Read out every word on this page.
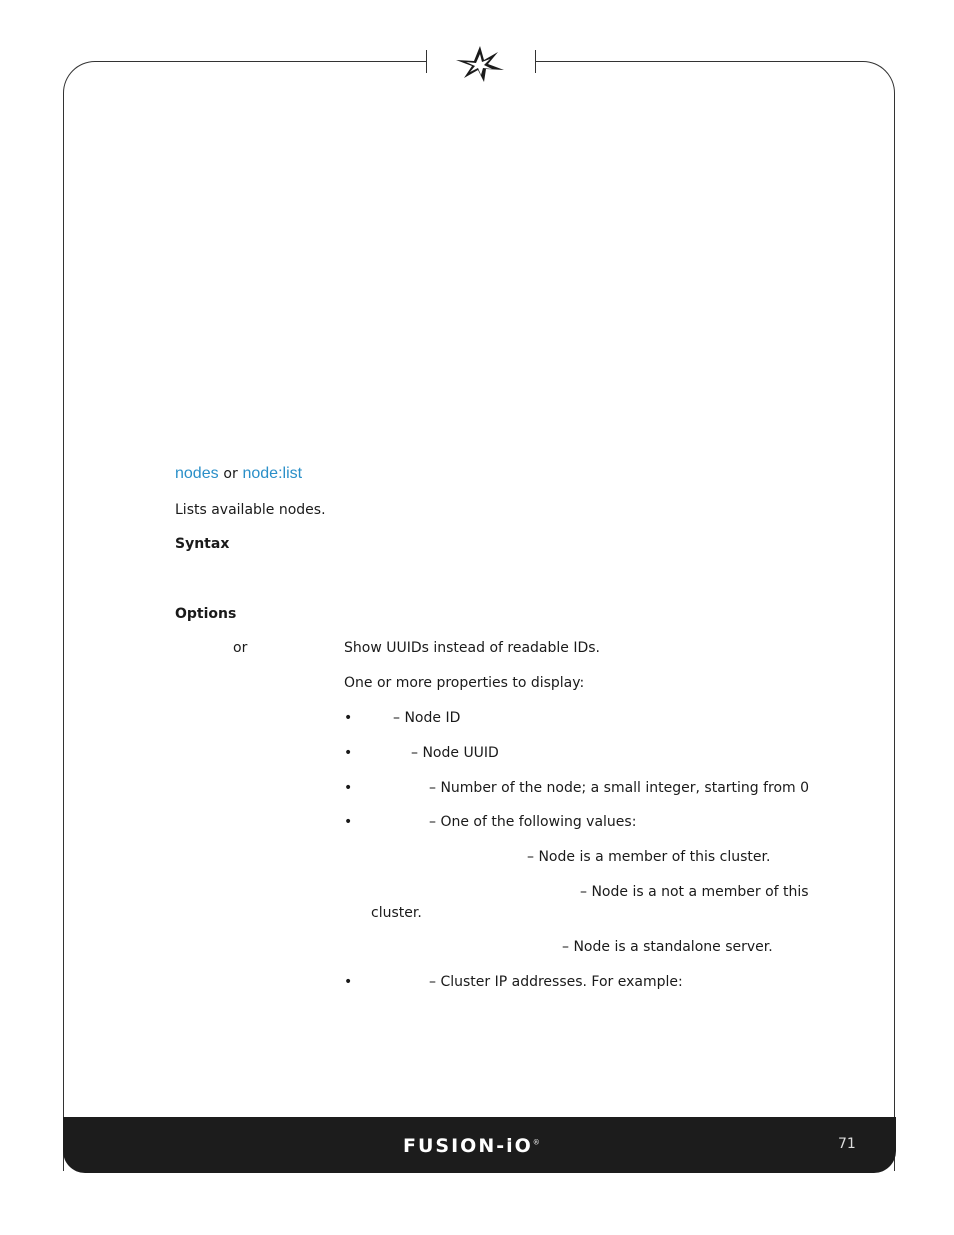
nodes or node:list
Lists available nodes.
Syntax
Options
or	Show UUIDs instead of readable IDs.
One or more properties to display:
•	– Node ID
•	– Node UUID
•	– Number of the node; a small integer, starting from 0
•	– One of the following values:
– Node is a member of this cluster.
– Node is a not a member of this
cluster.
– Node is a standalone server.
•	– Cluster IP addresses. For example:
FUSION-iO®	71
